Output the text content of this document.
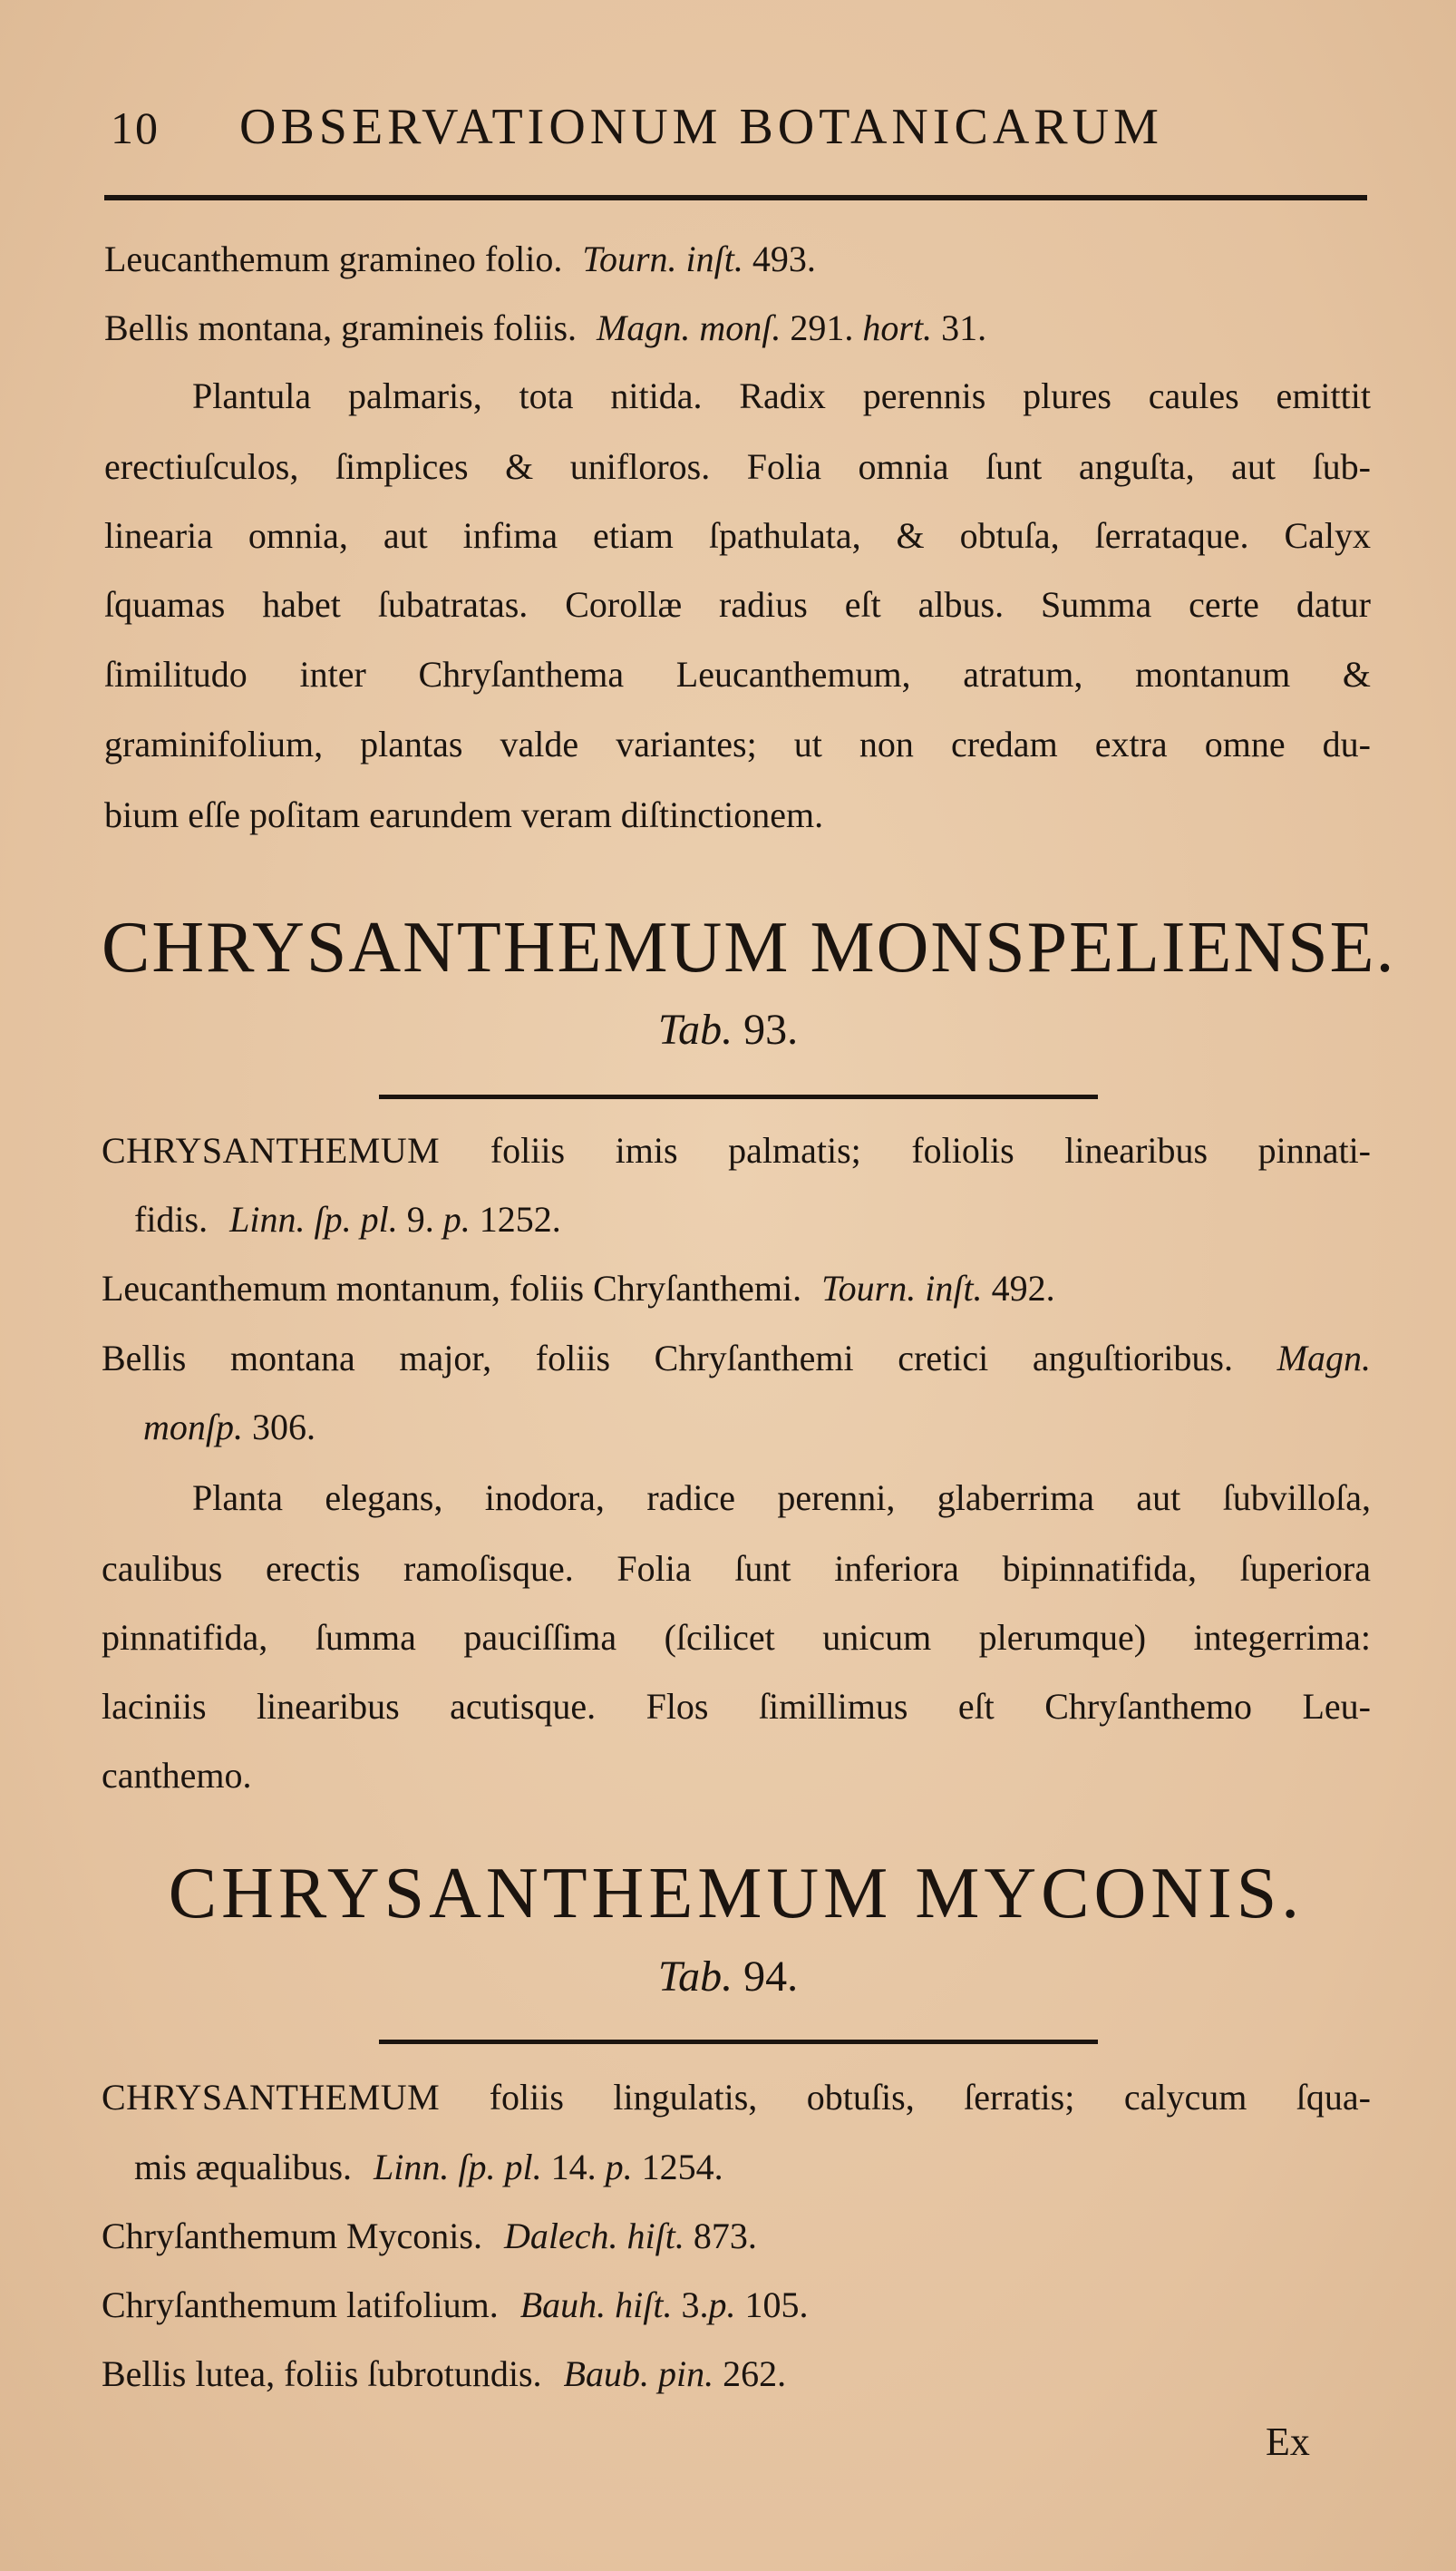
10 OBSERVATIONUM BOTANICARUM
Leucanthemum gramineo folio. Tourn. inſt. 493.
Bellis montana, gramineis foliis. Magn. monſ. 291. hort. 31.
Plantula palmaris, tota nitida. Radix perennis plures caules emittit
erectiuſculos, ſimplices & unifloros. Folia omnia ſunt anguſta, aut ſub-
linearia omnia, aut infima etiam ſpathulata, & obtuſa, ſerrataque. Calyx
ſquamas habet ſubatratas. Corollæ radius eſt albus. Summa certe datur
ſimilitudo inter Chryſanthema Leucanthemum, atratum, montanum &
graminifolium, plantas valde variantes; ut non credam extra omne du-
bium eſſe poſitam earundem veram diſtinctionem.
CHRYSANTHEMUM MONSPELIENSE.
Tab. 93.
CHRYSANTHEMUM foliis imis palmatis; foliolis linearibus pinnati-
fidis. Linn. ſp. pl. 9. p. 1252.
Leucanthemum montanum, foliis Chryſanthemi. Tourn. inſt. 492.
Bellis montana major, foliis Chryſanthemi cretici anguſtioribus. Magn.
monſp. 306.
Planta elegans, inodora, radice perenni, glaberrima aut ſubvilloſa,
caulibus erectis ramoſisque. Folia ſunt inferiora bipinnatifida, ſuperiora
pinnatifida, ſumma pauciſſima (ſcilicet unicum plerumque) integerrima:
laciniis linearibus acutisque. Flos ſimillimus eſt Chryſanthemo Leu-
canthemo.
CHRYSANTHEMUM MYCONIS.
Tab. 94.
CHRYSANTHEMUM foliis lingulatis, obtuſis, ſerratis; calycum ſqua-
mis æqualibus. Linn. ſp. pl. 14. p. 1254.
Chryſanthemum Myconis. Dalech. hiſt. 873.
Chryſanthemum latifolium. Bauh. hiſt. 3.p. 105.
Bellis lutea, foliis ſubrotundis. Baub. pin. 262.
Ex
